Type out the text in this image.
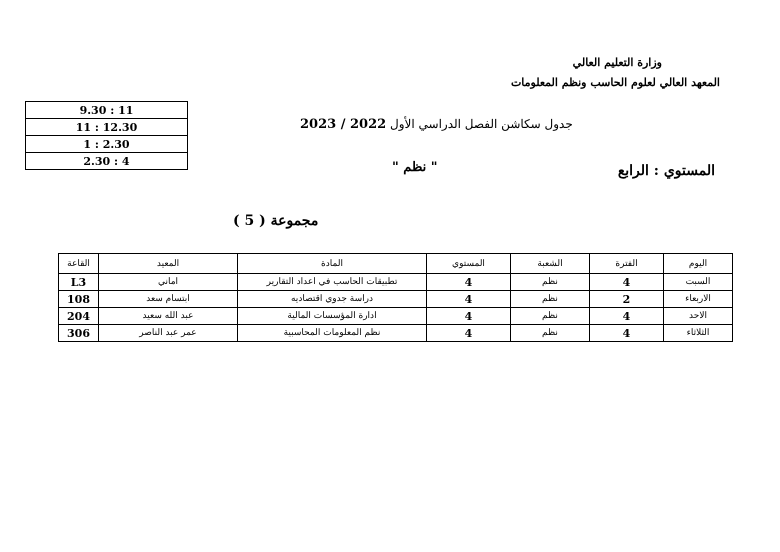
وزارة التعليم العالي
المعهد العالي لعلوم الحاسب ونظم المعلومات
جدول سكاشن الفصل الدراسي الأول 2022 / 2023
9.30 : 11
11 : 12.30
1 : 2.30
2.30 : 4
المستوي : الرابع
" نظم "
مجموعة ( 5 )
اليوم	الفترة	الشعبة	المستوي	المادة	المعيد	القاعة
السبت	4	نظم	4	تطبيقات الحاسب في اعداد التقارير	اماني	L3
الاربعاء	2	نظم	4	دراسة جدوي اقتصاديه	ابتسام سعد	108
الاحد	4	نظم	4	ادارة المؤسسات المالية	عبد الله سعيد	204
الثلاثاء	4	نظم	4	نظم المعلومات المحاسبية	عمر عبد الناصر	306
